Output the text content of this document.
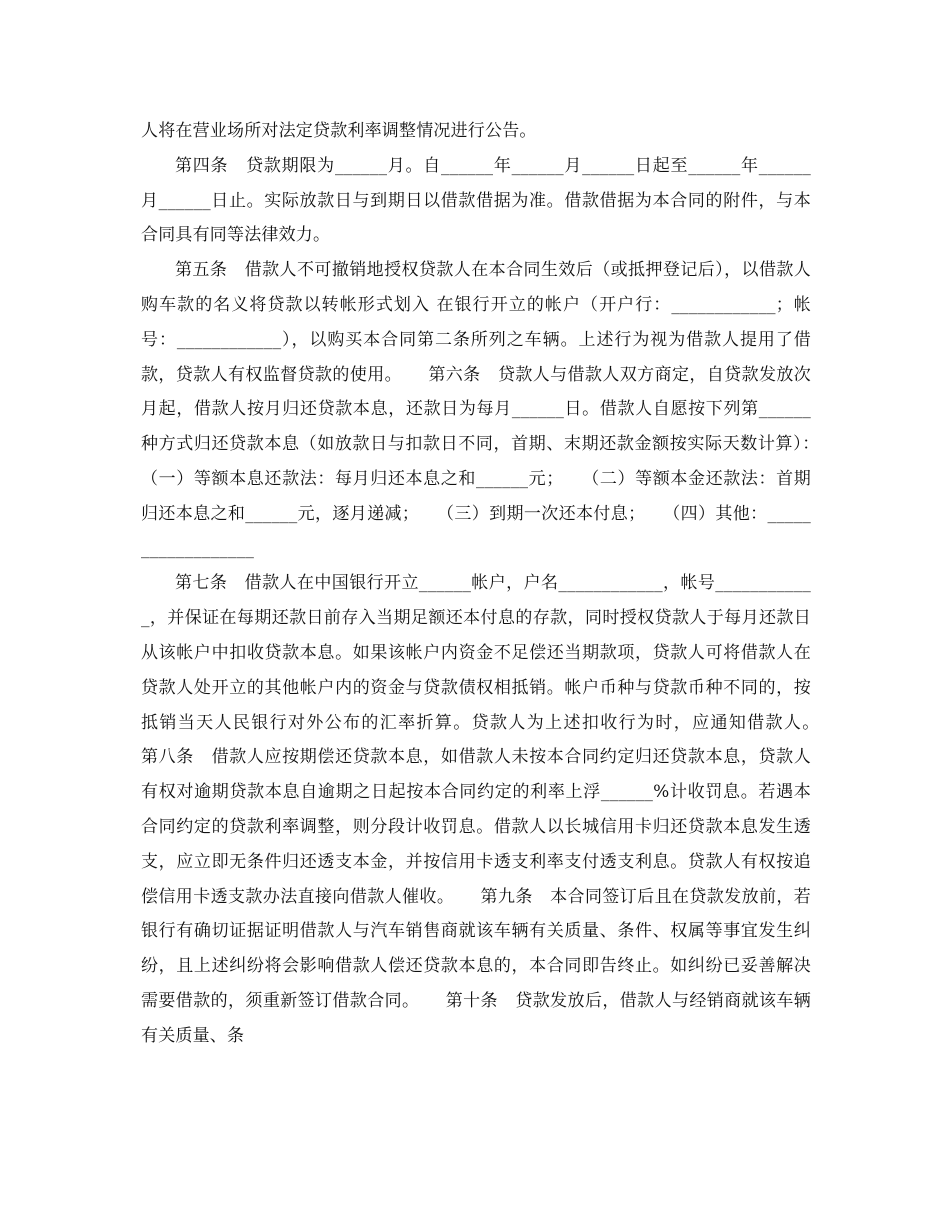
人将在营业场所对法定贷款利率调整情况进行公告。

第四条　贷款期限为______月。自______年______月______日起至______年______月______日止。实际放款日与到期日以借款借据为准。借款借据为本合同的附件，与本合同具有同等法律效力。

第五条　借款人不可撤销地授权贷款人在本合同生效后（或抵押登记后），以借款人购车款的名义将贷款以转帐形式划入 在银行开立的帐户（开户行：____________；帐号：____________），以购买本合同第二条所列之车辆。上述行为视为借款人提用了借款，贷款人有权监督贷款的使用。　　第六条　贷款人与借款人双方商定，自贷款发放次月起，借款人按月归还贷款本息，还款日为每月______日。借款人自愿按下列第______种方式归还贷款本息（如放款日与扣款日不同，首期、末期还款金额按实际天数计算）：　　（一）等额本息还款法：每月归还本息之和______元；　　（二）等额本金还款法：首期归还本息之和______元，逐月递减；　　（三）到期一次还本付息；　　（四）其他：__________________

第七条　借款人在中国银行开立______帐户，户名____________，帐号____________，并保证在每期还款日前存入当期足额还本付息的存款，同时授权贷款人于每月还款日从该帐户中扣收贷款本息。如果该帐户内资金不足偿还当期款项，贷款人可将借款人在贷款人处开立的其他帐户内的资金与贷款债权相抵销。帐户币种与贷款币种不同的，按抵销当天人民银行对外公布的汇率折算。贷款人为上述扣收行为时，应通知借款人。　　第八条　借款人应按期偿还贷款本息，如借款人未按本合同约定归还贷款本息，贷款人有权对逾期贷款本息自逾期之日起按本合同约定的利率上浮______%计收罚息。若遇本合同约定的贷款利率调整，则分段计收罚息。借款人以长城信用卡归还贷款本息发生透支，应立即无条件归还透支本金，并按信用卡透支利率支付透支利息。贷款人有权按追偿信用卡透支款办法直接向借款人催收。　　第九条　本合同签订后且在贷款发放前，若银行有确切证据证明借款人与汽车销售商就该车辆有关质量、条件、权属等事宜发生纠纷，且上述纠纷将会影响借款人偿还贷款本息的，本合同即告终止。如纠纷已妥善解决需要借款的，须重新签订借款合同。　　第十条　贷款发放后，借款人与经销商就该车辆有关质量、条
